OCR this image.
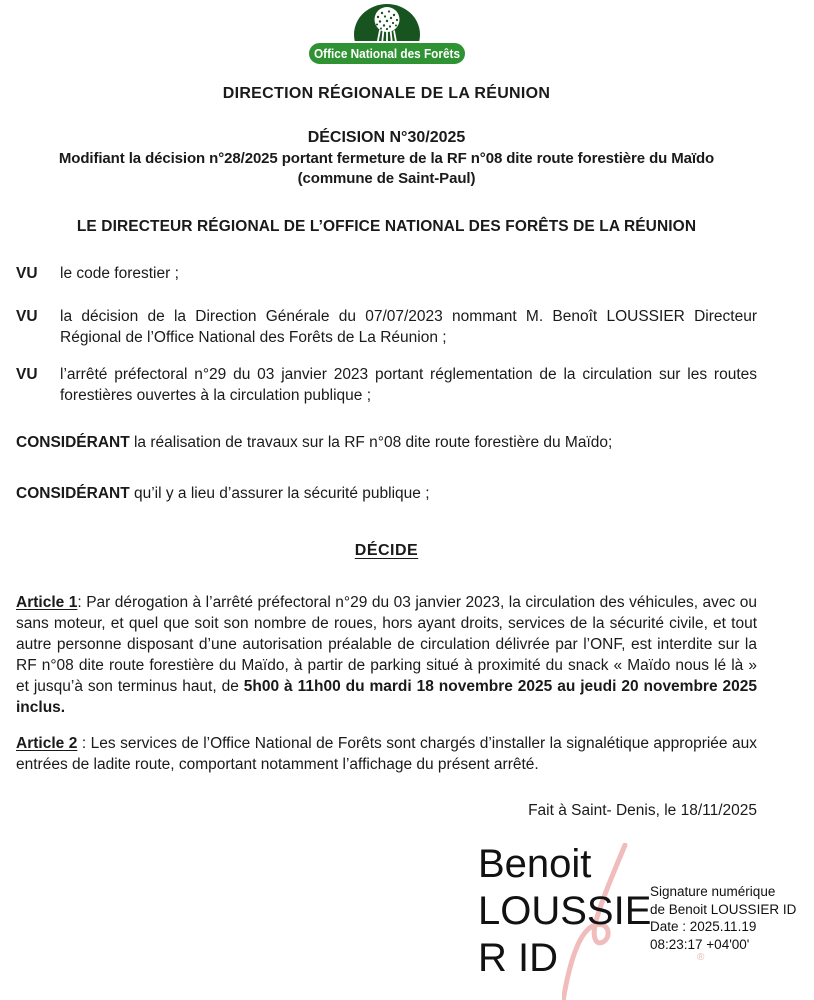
Office National des Forêts
DIRECTION RÉGIONALE DE LA RÉUNION
DÉCISION N°30/2025
Modifiant la décision n°28/2025 portant fermeture de la RF n°08 dite route forestière du Maïdo (commune de Saint-Paul)
LE DIRECTEUR RÉGIONAL DE L’OFFICE NATIONAL DES FORÊTS DE LA RÉUNION
VU	le code forestier ;
VU	la décision de la Direction Générale du 07/07/2023 nommant M. Benoît LOUSSIER Directeur Régional de l’Office National des Forêts de La Réunion ;
VU	l’arrêté préfectoral n°29 du 03 janvier 2023 portant réglementation de la circulation sur les routes forestières ouvertes à la circulation publique ;

CONSIDÉRANT la réalisation de travaux sur la RF n°08 dite route forestière du Maïdo;

CONSIDÉRANT qu’il y a lieu d’assurer la sécurité publique ;

DÉCIDE

Article 1: Par dérogation à l’arrêté préfectoral n°29 du 03 janvier 2023, la circulation des véhicules, avec ou sans moteur, et quel que soit son nombre de roues, hors ayant droits, services de la sécurité civile, et tout autre personne disposant d’une autorisation préalable de circulation délivrée par l’ONF, est interdite sur la RF n°08 dite route forestière du Maïdo, à partir de parking situé à proximité du snack « Maïdo nous lé là » et jusqu’à son terminus haut, de 5h00 à 11h00 du mardi 18 novembre 2025 au jeudi 20 novembre 2025 inclus.

Article 2 : Les services de l’Office National de Forêts sont chargés d’installer la signalétique appropriée aux entrées de ladite route, comportant notamment l’affichage du présent arrêté.

Fait à Saint- Denis, le 18/11/2025
Benoit
LOUSSIE
R ID
Signature numérique
de Benoit LOUSSIER ID
Date : 2025.11.19
08:23:17 +04'00'
®
